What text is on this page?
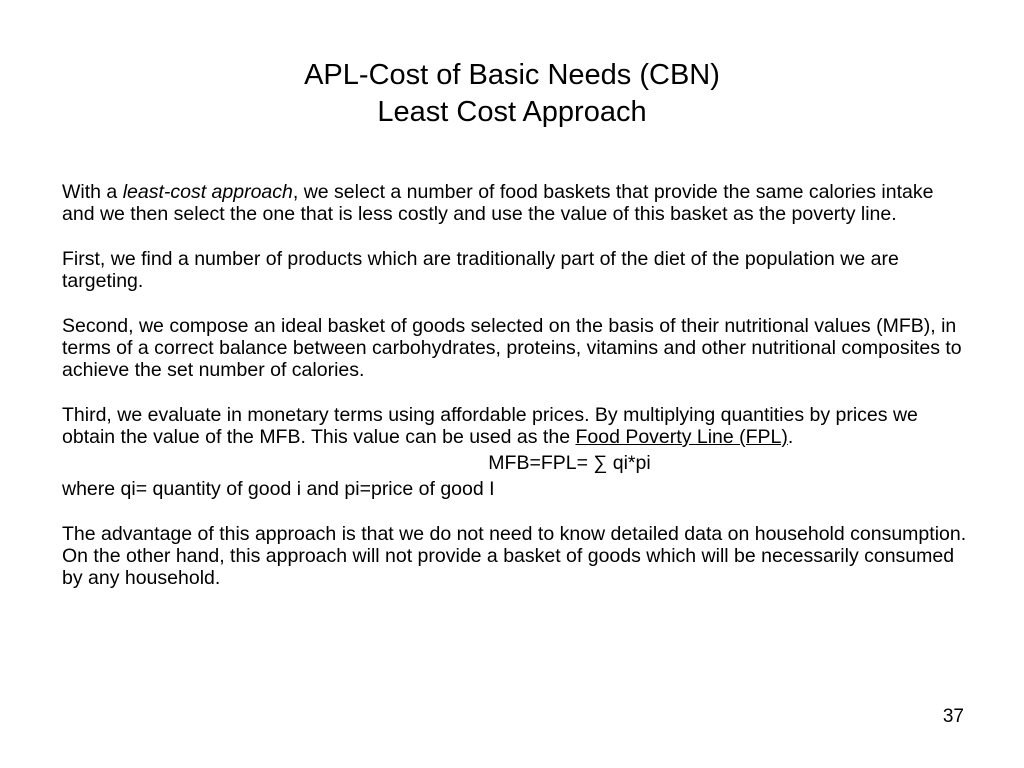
APL-Cost of Basic Needs (CBN)
Least Cost Approach

With a least-cost approach, we select a number of food baskets that provide the same calories intake and we then select the one that is less costly and use the value of this basket as the poverty line.

First, we find a number of products which are traditionally part of the diet of the population we are targeting.

Second, we compose an ideal basket of goods selected on the basis of their nutritional values (MFB), in terms of a correct balance between carbohydrates, proteins, vitamins and other nutritional composites to achieve the set number of calories.

Third, we evaluate in monetary terms using affordable prices. By multiplying quantities by prices we obtain the value of the MFB. This value can be used as the Food Poverty Line (FPL).

MFB=FPL= ∑ qi*pi

where qi= quantity of good i and pi=price of good I

The advantage of this approach is that we do not need to know detailed data on household consumption. On the other hand, this approach will not provide a basket of goods which will be necessarily consumed by any household.

37
